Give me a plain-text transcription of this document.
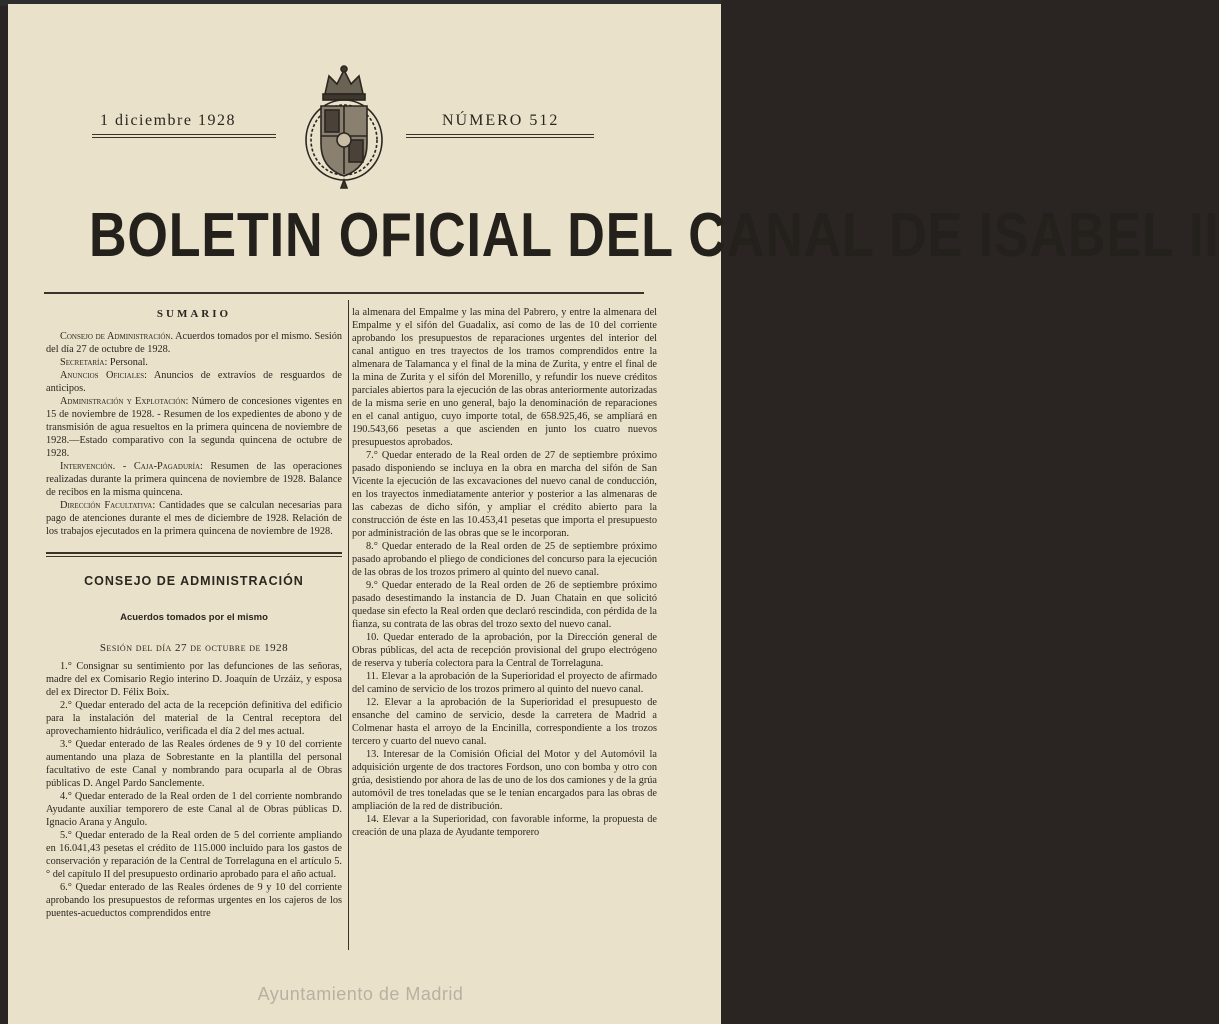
1 diciembre 1928	NÚMERO 512
BOLETIN OFICIAL DEL CANAL DE ISABEL II
SUMARIO

Consejo de Administración. Acuerdos tomados por el mismo. Sesión del día 27 de octubre de 1928.

Secretaría: Personal.

Anuncios Oficiales: Anuncios de extravíos de resguardos de anticipos.

Administración y Explotación: Número de concesiones vigentes en 15 de noviembre de 1928. - Resumen de los expedientes de abono y de transmisión de agua resueltos en la primera quincena de noviembre de 1928.—Estado comparativo con la segunda quincena de octubre de 1928.

Intervención. - Caja-Pagaduría: Resumen de las operaciones realizadas durante la primera quincena de noviembre de 1928. Balance de recibos en la misma quincena.

Dirección Facultativa: Cantidades que se calculan necesarias para pago de atenciones durante el mes de diciembre de 1928. Relación de los trabajos ejecutados en la primera quincena de noviembre de 1928.

CONSEJO DE ADMINISTRACIÓN
Acuerdos tomados por el mismo
Sesión del día 27 de octubre de 1928

1.° Consignar su sentimiento por las defunciones de las señoras, madre del ex Comisario Regio interino D. Joaquín de Urzáiz, y esposa del ex Director D. Félix Boix.

2.° Quedar enterado del acta de la recepción definitiva del edificio para la instalación del material de la Central receptora del aprovechamiento hidráulico, verificada el día 2 del mes actual.

3.° Quedar enterado de las Reales órdenes de 9 y 10 del corriente aumentando una plaza de Sobrestante en la plantilla del personal facultativo de este Canal y nombrando para ocuparla al de Obras públicas D. Angel Pardo Sanclemente.

4.° Quedar enterado de la Real orden de 1 del corriente nombrando Ayudante auxiliar temporero de este Canal al de Obras públicas D. Ignacio Arana y Angulo.

5.° Quedar enterado de la Real orden de 5 del corriente ampliando en 16.041,43 pesetas el crédito de 115.000 incluído para los gastos de conservación y reparación de la Central de Torrelaguna en el artículo 5.° del capítulo II del presupuesto ordinario aprobado para el año actual.

6.° Quedar enterado de las Reales órdenes de 9 y 10 del corriente aprobando los presupuestos de reformas urgentes en los cajeros de los puentes-acueductos comprendidos entre

la almenara del Empalme y las mina del Pabrero, y entre la almenara del Empalme y el sifón del Guadalix, así como de las de 10 del corriente aprobando los presupuestos de reparaciones urgentes del interior del canal antiguo en tres trayectos de los tramos comprendidos entre la almenara de Talamanca y el final de la mina de Zurita, y entre el final de la mina de Zurita y el sifón del Morenillo, y refundir los nueve créditos parciales abiertos para la ejecución de las obras anteriormente autorizadas de la misma serie en uno general, bajo la denominación de reparaciones en el canal antiguo, cuyo importe total, de 658.925,46, se amplíará en 190.543,66 pesetas a que ascienden en junto los cuatro nuevos presupuestos aprobados.

7.° Quedar enterado de la Real orden de 27 de septiembre próximo pasado disponiendo se incluya en la obra en marcha del sifón de San Vicente la ejecución de las excavaciones del nuevo canal de conducción, en los trayectos inmediatamente anterior y posterior a las almenaras de las cabezas de dicho sifón, y ampliar el crédito abierto para la construcción de éste en las 10.453,41 pesetas que importa el presupuesto por administración de las obras que se le incorporan.

8.° Quedar enterado de la Real orden de 25 de septiembre próximo pasado aprobando el pliego de condiciones del concurso para la ejecución de las obras de los trozos primero al quinto del nuevo canal.

9.° Quedar enterado de la Real orden de 26 de septiembre próximo pasado desestimando la instancia de D. Juan Chatain en que solicitó quedase sin efecto la Real orden que declaró rescindida, con pérdida de la fianza, su contrata de las obras del trozo sexto del nuevo canal.

10. Quedar enterado de la aprobación, por la Dirección general de Obras públicas, del acta de recepción provisional del grupo electrógeno de reserva y tubería colectora para la Central de Torrelaguna.

11. Elevar a la aprobación de la Superioridad el proyecto de afirmado del camino de servicio de los trozos primero al quinto del nuevo canal.

12. Elevar a la aprobación de la Superioridad el presupuesto de ensanche del camino de servicio, desde la carretera de Madrid a Colmenar hasta el arroyo de la Encinilla, correspondiente a los trozos tercero y cuarto del nuevo canal.

13. Interesar de la Comisión Oficial del Motor y del Automóvil la adquisición urgente de dos tractores Fordson, uno con bomba y otro con grúa, desistiendo por ahora de las de uno de los dos camiones y de la grúa automóvil de tres toneladas que se le tenían encargados para las obras de ampliación de la red de distribución.

14. Elevar a la Superioridad, con favorable informe, la propuesta de creación de una plaza de Ayudante temporero

Ayuntamiento de Madrid
